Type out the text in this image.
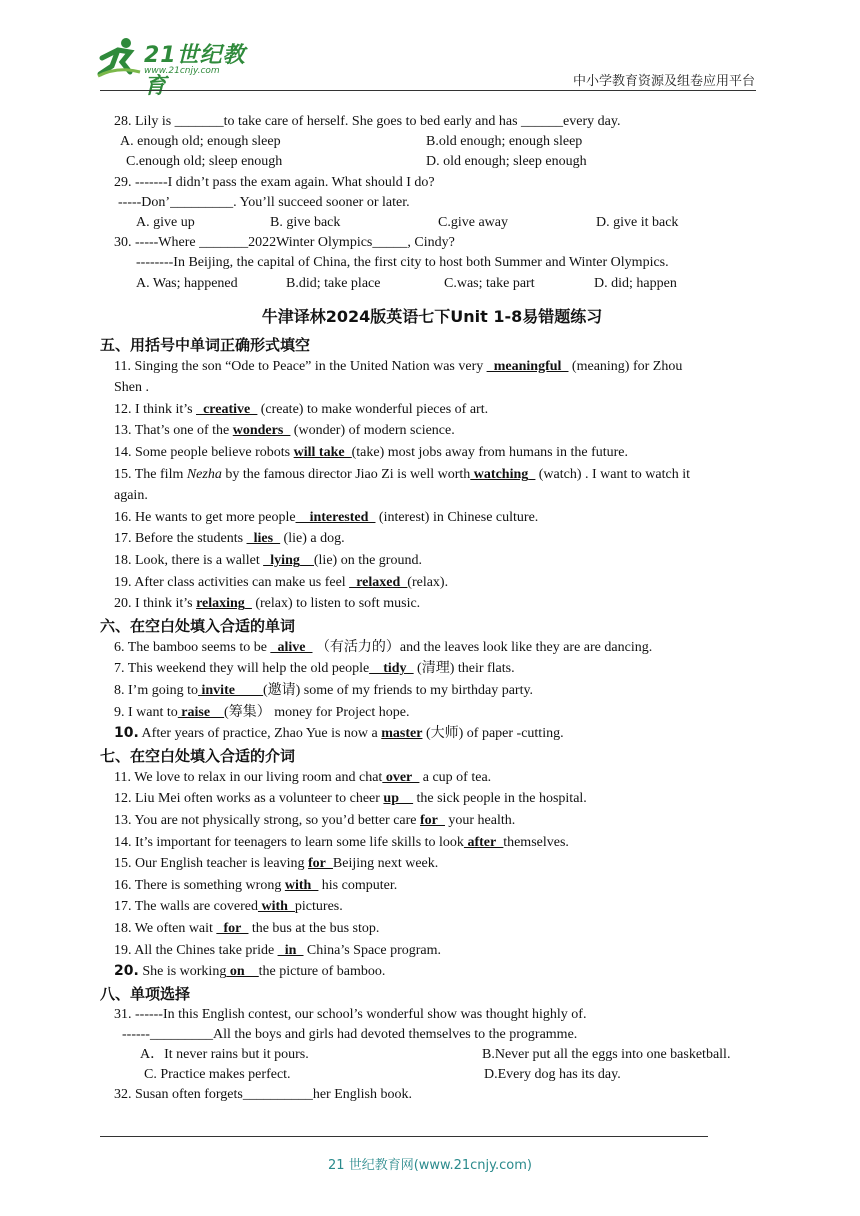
21世纪教育
www.21cnjy.com
中小学教育资源及组卷应用平台
28. Lily is _______to take care of herself. She goes to bed early and has ______every day.
A. enough old; enough sleep	B.old enough; enough sleep
C.enough old; sleep enough	D. old enough; sleep enough
29. -------I didn’t pass the exam again. What should I do?
-----Don’_________. You’ll succeed sooner or later.
A. give up	B. give back	C.give away	D. give it back
30. -----Where _______2022Winter Olympics_____, Cindy?
--------In Beijing, the capital of China, the first city to host both Summer and Winter Olympics.
A. Was; happened	B.did; take place	C.was; take part	D. did; happen
牛津译林2024版英语七下Unit 1-8易错题练习
五、用括号中单词正确形式填空
11. Singing the son “Ode to Peace” in the United Nation was very _meaningful_ (meaning) for Zhou
Shen .
12. I think it’s _creative_ (create) to make wonderful pieces of art.
13. That’s one of the wonders_ (wonder) of modern science.
14. Some people believe robots will take_(take) most jobs away from humans in the future.
15. The film Nezha by the famous director Jiao Zi is well worth watching_ (watch) . I want to watch it
again.
16. He wants to get more people__interested_ (interest) in Chinese culture.
17. Before the students _lies_ (lie) a dog.
18. Look, there is a wallet _lying__(lie) on the ground.
19. After class activities can make us feel _relaxed_(relax).
20. I think it’s relaxing_ (relax) to listen to soft music.
六、在空白处填入合适的单词
6. The bamboo seems to be _alive_ （有活力的）and the leaves look like they are are dancing.
7. This weekend they will help the old people__tidy_ (清理) their flats.
8. I’m going to invite____(邀请) some of my friends to my birthday party.
9. I want to raise__(筹集） money for Project hope.
10. After years of practice, Zhao Yue is now a master (大师) of paper -cutting.
七、在空白处填入合适的介词
11. We love to relax in our living room and chat over_ a cup of tea.
12. Liu Mei often works as a volunteer to cheer up__ the sick people in the hospital.
13. You are not physically strong, so you’d better care for_ your health.
14. It’s important for teenagers to learn some life skills to look after_themselves.
15. Our English teacher is leaving for_Beijing next week.
16. There is something wrong with_ his computer.
17. The walls are covered with_pictures.
18. We often wait _for_ the bus at the bus stop.
19. All the Chines take pride _in_ China’s Space program.
20. She is working on__the picture of bamboo.
八、单项选择
31. ------In this English contest, our school’s wonderful show was thought highly of.
------_________All the boys and girls had devoted themselves to the programme.
A．It never rains but it pours.	B.Never put all the eggs into one basketball.
C. Practice makes perfect.	D.Every dog has its day.
32. Susan often forgets__________her English book.
21 世纪教育网(www.21cnjy.com)
